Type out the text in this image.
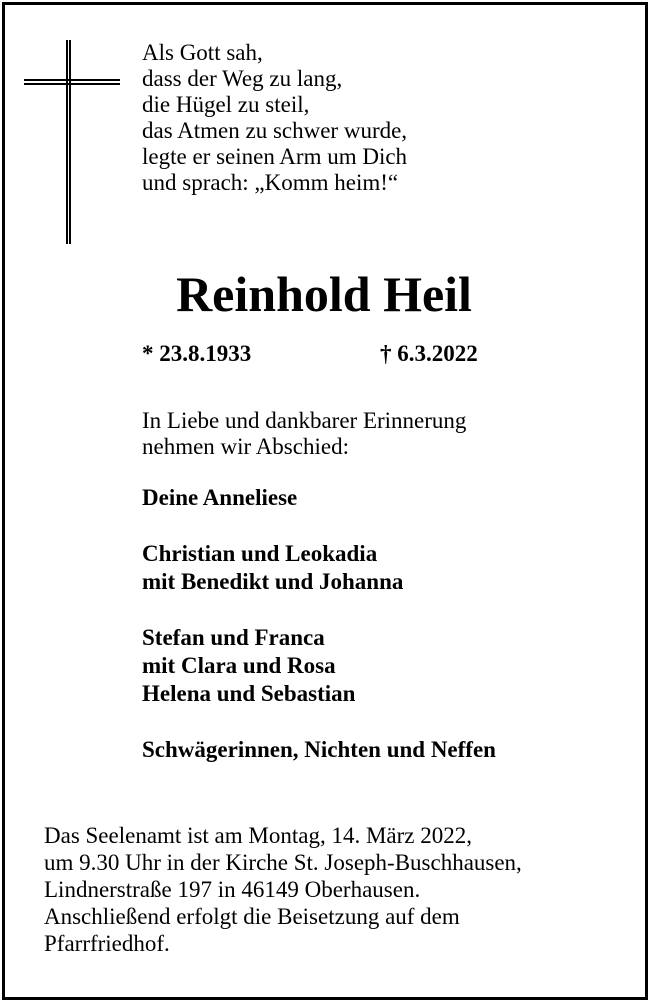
Als Gott sah,
dass der Weg zu lang,
die Hügel zu steil,
das Atmen zu schwer wurde,
legte er seinen Arm um Dich
und sprach: „Komm heim!“
Reinhold Heil
* 23.8.1933	† 6.3.2022
In Liebe und dankbarer Erinnerung
nehmen wir Abschied:
Deine Anneliese
Christian und Leokadia
mit Benedikt und Johanna
Stefan und Franca
mit Clara und Rosa
Helena und Sebastian
Schwägerinnen, Nichten und Neffen
Das Seelenamt ist am Montag, 14. März 2022,
um 9.30 Uhr in der Kirche St. Joseph-Buschhausen,
Lindnerstraße 197 in 46149 Oberhausen.
Anschließend erfolgt die Beisetzung auf dem
Pfarrfriedhof.
